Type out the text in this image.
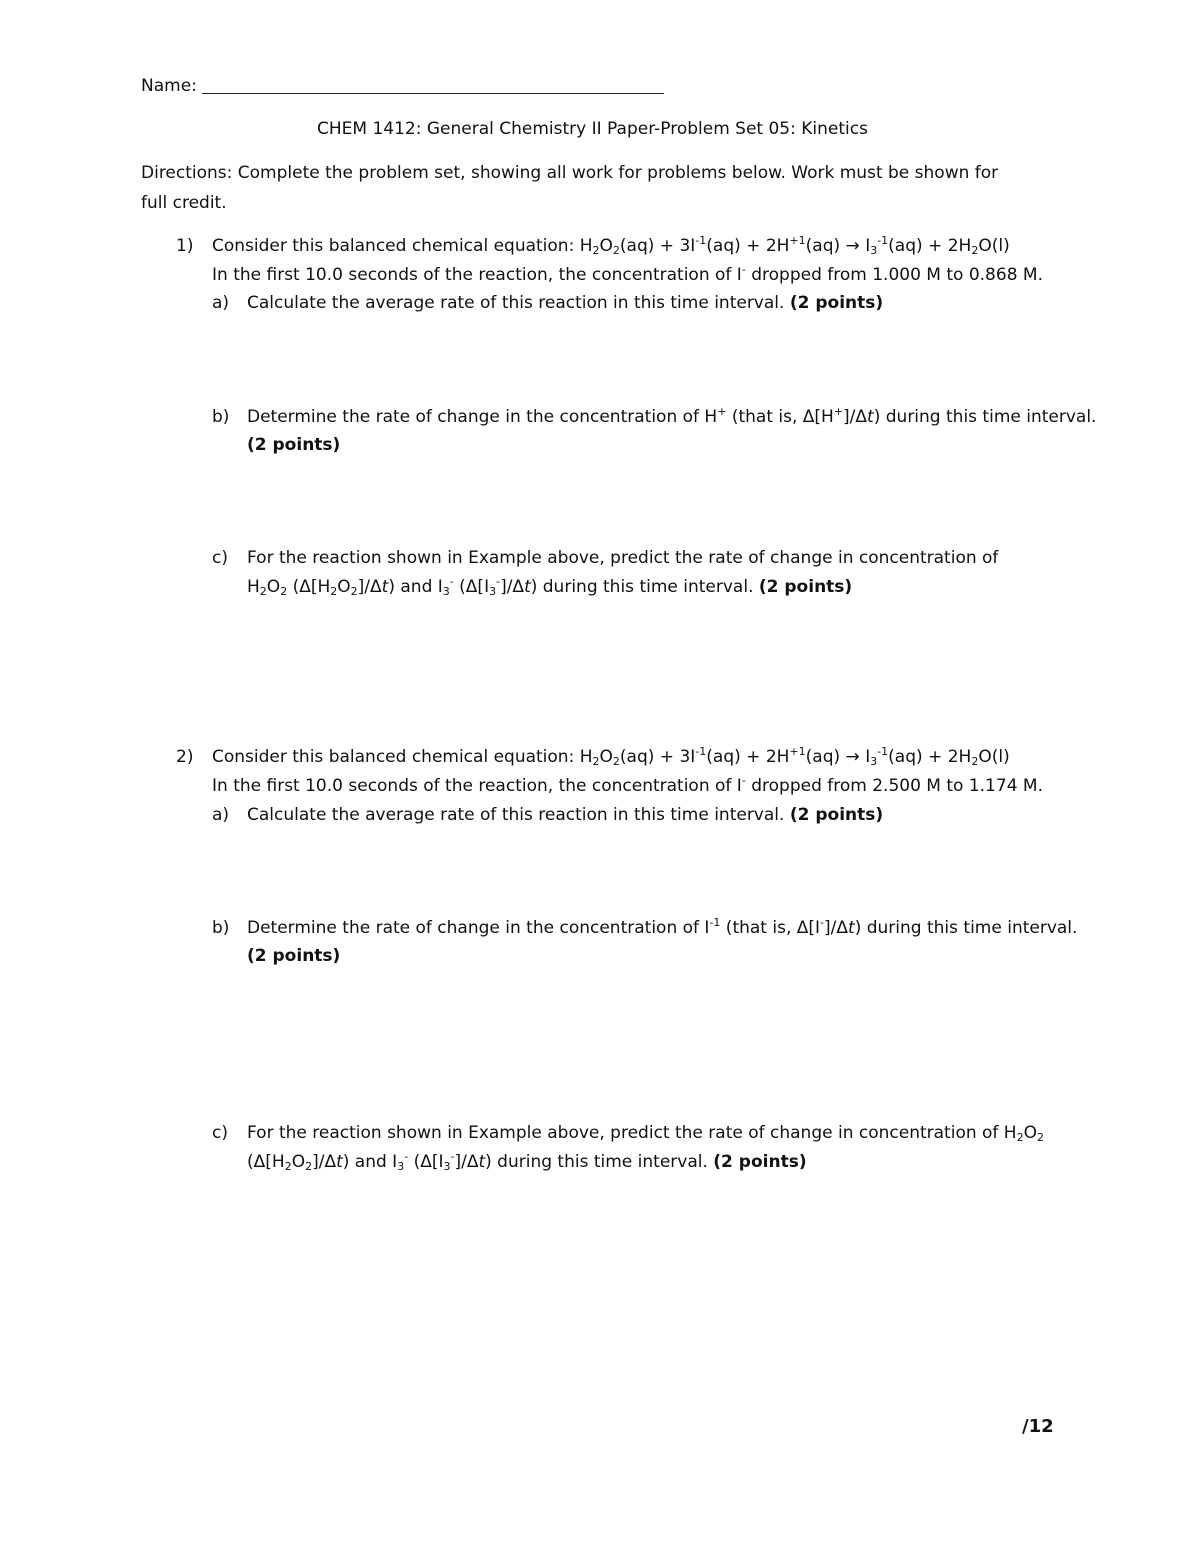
Name: _______________________________________________________________________
CHEM 1412: General Chemistry II Paper-Problem Set 05: Kinetics
Directions: Complete the problem set, showing all work for problems below. Work must be shown for
full credit.
1) Consider this balanced chemical equation: $H_2O_2(aq) + 3I^{-1}(aq) + 2H^{+1}(aq) \to I_3^{-1}(aq) + 2H_2O(l)$
In the first 10.0 seconds of the reaction, the concentration of I- dropped from 1.000 M to 0.868 M.
a) Calculate the average rate of this reaction in this time interval. (2 points)
b) Determine the rate of change in the concentration of H+ (that is, Δ[H+]/Δt) during this time interval.
(2 points)
c) For the reaction shown in Example above, predict the rate of change in concentration of
$H_2O_2$ $(\Delta[H_2O_2]/\Delta t)$ and $I_3^-$ $(\Delta[I_3^-]/\Delta t)$ during this time interval. (2 points)
2) Consider this balanced chemical equation: $H_2O_2(aq) + 3I^{-1}(aq) + 2H^{+1}(aq) \to I_3^{-1}(aq) + 2H_2O(l)$
In the first 10.0 seconds of the reaction, the concentration of I- dropped from 2.500 M to 1.174 M.
a) Calculate the average rate of this reaction in this time interval. (2 points)
b) Determine the rate of change in the concentration of $I^{-1}$ (that is, Δ[I-]/Δt) during this time interval.
(2 points)
c) For the reaction shown in Example above, predict the rate of change in concentration of $H_2O_2$
$(\Delta[H_2O_2]/\Delta t)$ and $I_3^-$ $(\Delta[I_3^-]/\Delta t)$ during this time interval. (2 points)
/12
